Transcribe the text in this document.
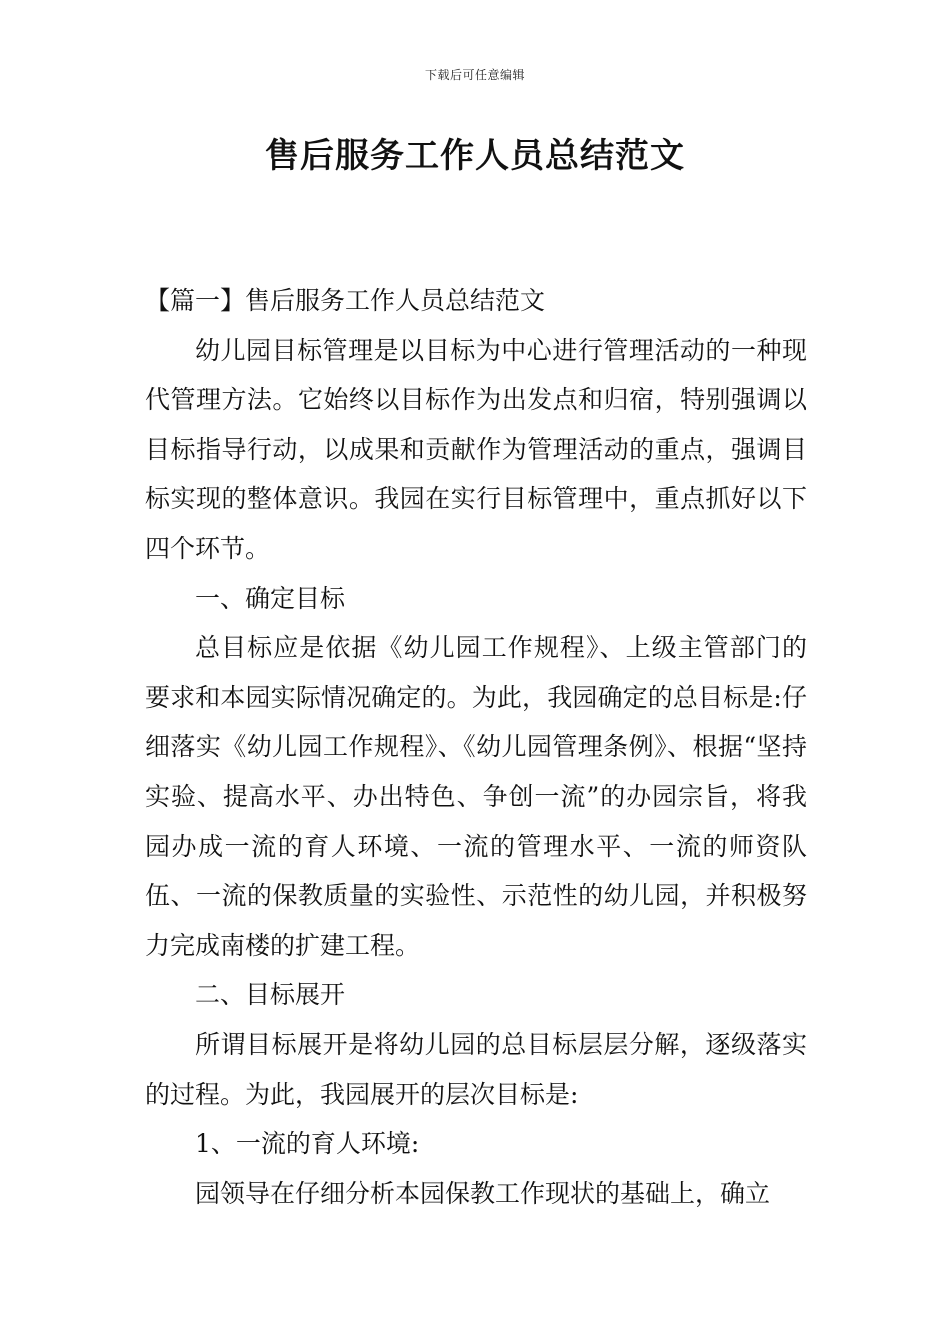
下载后可任意编辑
售后服务工作人员总结范文

【篇一】售后服务工作人员总结范文

幼儿园目标管理是以目标为中心进行管理活动的一种现代管理方法。它始终以目标作为出发点和归宿，特别强调以目标指导行动，以成果和贡献作为管理活动的重点，强调目标实现的整体意识。我园在实行目标管理中，重点抓好以下四个环节。

一、确定目标

总目标应是依据《幼儿园工作规程》、上级主管部门的要求和本园实际情况确定的。为此，我园确定的总目标是:仔细落实《幼儿园工作规程》、《幼儿园管理条例》、根据“坚持实验、提高水平、办出特色、争创一流”的办园宗旨，将我园办成一流的育人环境、一流的管理水平、一流的师资队伍、一流的保教质量的实验性、示范性的幼儿园，并积极努力完成南楼的扩建工程。

二、目标展开

所谓目标展开是将幼儿园的总目标层层分解，逐级落实的过程。为此，我园展开的层次目标是:

1、一流的育人环境:

园领导在仔细分析本园保教工作现状的基础上，确立
